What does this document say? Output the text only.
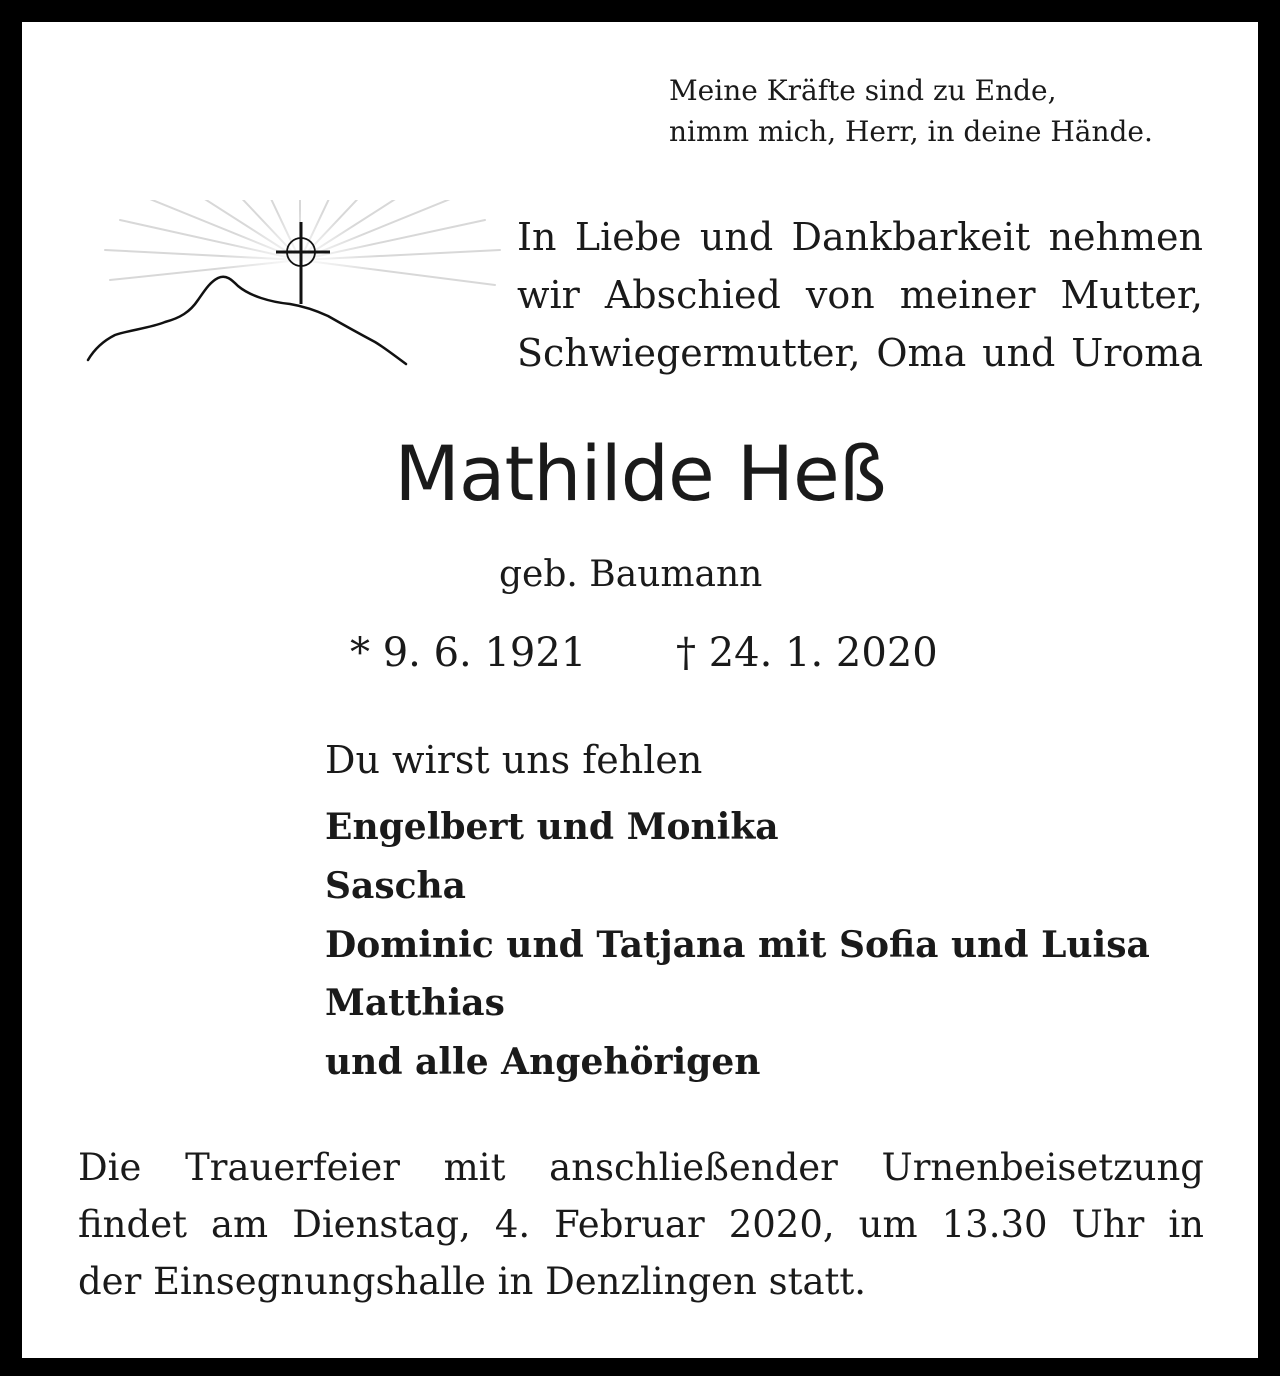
Meine Kräfte sind zu Ende,

nimm mich, Herr, in deine Hände.

In Liebe und Dankbarkeit nehmen

wir Abschied von meiner Mutter,

Schwiegermutter, Oma und Uroma

Mathilde Heß

geb. Baumann

* 9. 6. 1921 † 24. 1. 2020

Du wirst uns fehlen

Engelbert und Monika

Sascha

Dominic und Tatjana mit Sofia und Luisa

Matthias

und alle Angehörigen

Die Trauerfeier mit anschließender Urnenbeisetzung

findet am Dienstag, 4. Februar 2020, um 13.30 Uhr in

der Einsegnungshalle in Denzlingen statt.
